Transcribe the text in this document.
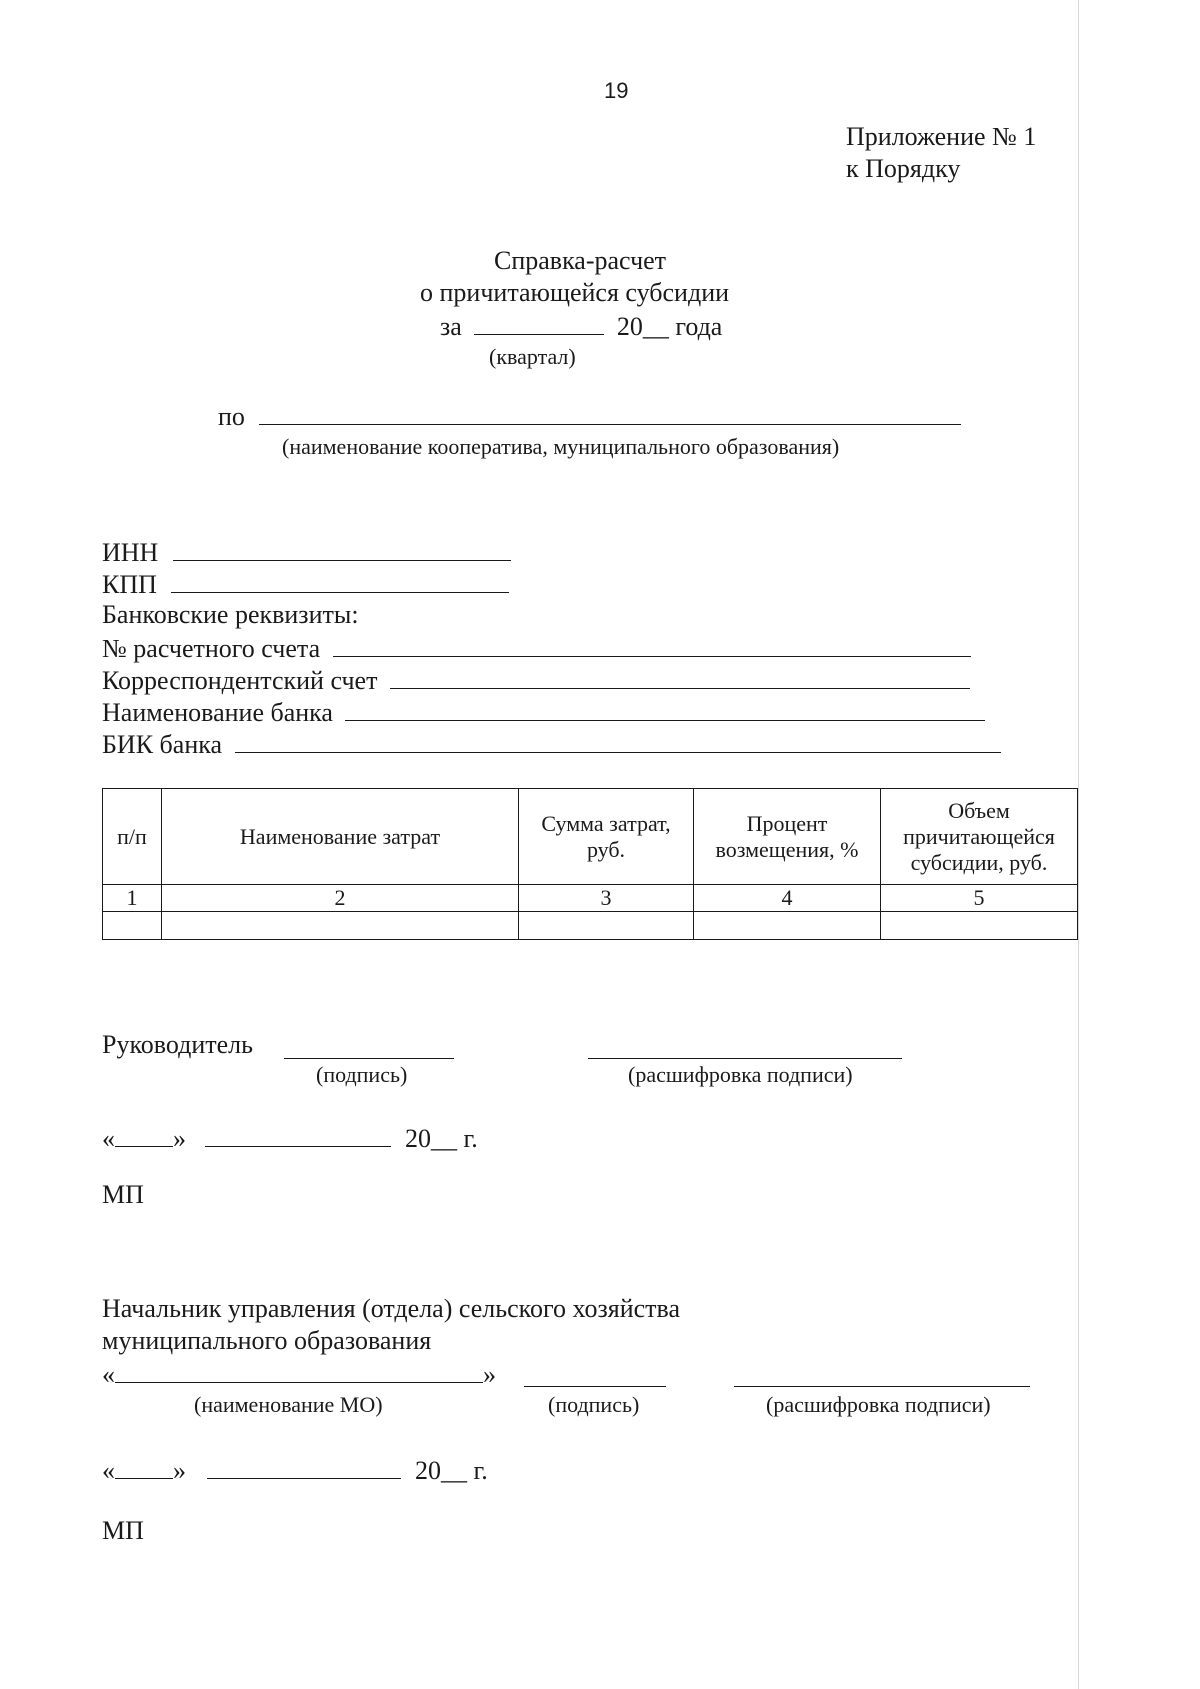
19
Приложение № 1
к Порядку
Справка-расчет
о причитающейся субсидии
за	20__ года
(квартал)
по
(наименование кооператива, муниципального образования)
ИНН
КПП
Банковские реквизиты:
№ расчетного счета
Корреспондентский счет
Наименование банка
БИК банка
п/п	Наименование затрат	Сумма затрат, руб.	Процент возмещения, %	Объем причитающейся субсидии, руб.
1	2	3	4	5

Руководитель
(подпись)	(расшифровка подписи)
« »	20__ г.
МП
Начальник управления (отдела) сельского хозяйства
муниципального образования
«	»
(наименование МО)	(подпись)	(расшифровка подписи)
« »	20__ г.
МП
